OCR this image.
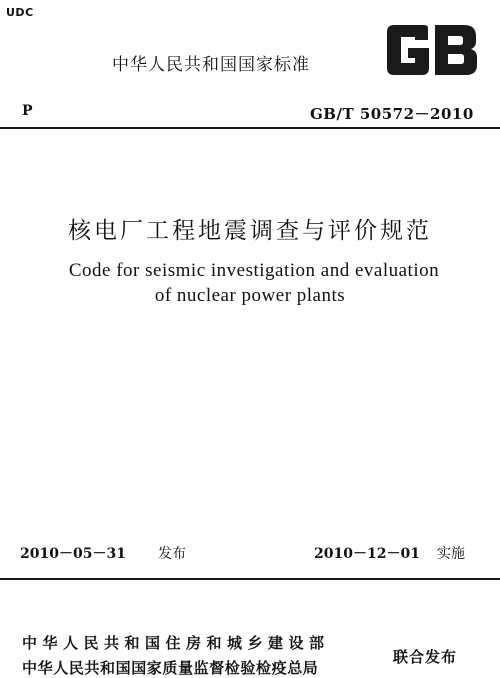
UDC
中华人民共和国国家标准
P	GB/T 50572－2010
核电厂工程地震调查与评价规范
Code for seismic investigation and evaluation
of nuclear power plants
2010－05－31 发布	2010－12－01 实施
中华人民共和国住房和城乡建设部
中华人民共和国国家质量监督检验检疫总局
联合发布
